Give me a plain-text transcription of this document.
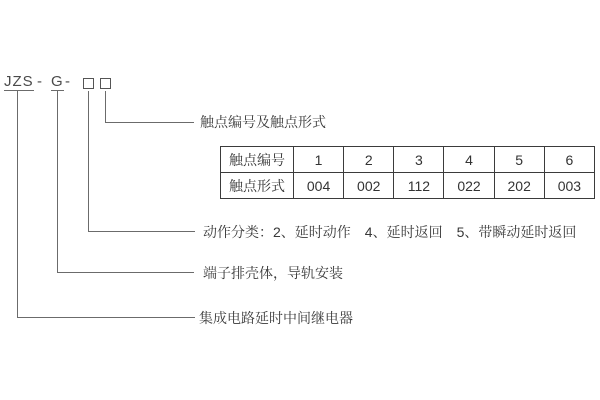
JZS - G -
触点编号及触点形式
动作分类：2、延时动作　4、延时返回　5、带瞬动延时返回
端子排壳体，导轨安装
集成电路延时中间继电器
触点编号	1	2	3	4	5	6
触点形式	004	002	112	022	202	003
